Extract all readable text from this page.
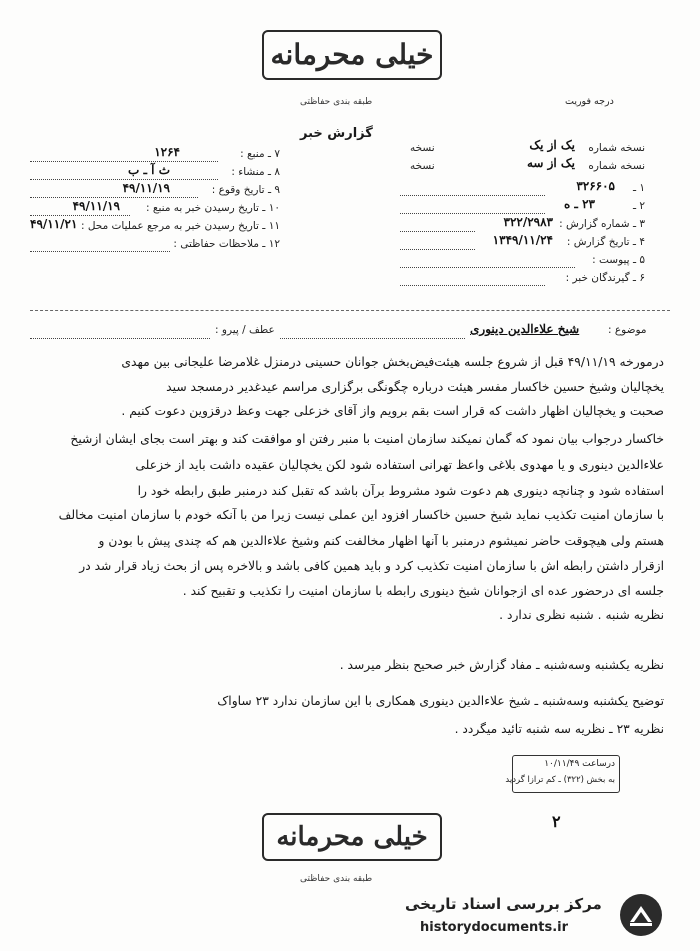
خیلی محرمانه
طبقه بندی حفاظتی	درجه فوریت
گزارش خبر
۷ ـ منبع :
۱۲۶۴
۸ ـ منشاء :
ث آ ـ ب
۹ ـ تاریخ وقوع :
۴۹/۱۱/۱۹
۱۰ ـ تاریخ رسیدن خبر به منبع :
۴۹/۱۱/۱۹
۱۱ ـ تاریخ رسیدن خبر به مرجع عملیات محل :
۴۹/۱۱/۲۱
۱۲ ـ ملاحظات حفاظتی :
نسخه شماره
یک از یک
نسخه
نسخه شماره
یک از سه
نسخه
۱ ـ
۳۲۶۶۰۵
۲ ـ
۲۳ ـ ه
۳ ـ شماره گزارش :
۳۲۲/۲۹۸۳
۴ ـ تاریخ گزارش :
۱۳۴۹/۱۱/۲۴
۵ ـ پیوست :
۶ ـ گیرندگان خبر :
موضوع :
شیخ علاءالدین دینوری
عطف / پیرو :
درمورخه ۴۹/۱۱/۱۹ قبل از شروع جلسه هیئت‌فیض‌بخش جوانان حسینی درمنزل غلامرضا علیجانی بین مهدی
یخچالیان وشیخ حسین خاکسار مفسر هیئت درباره چگونگی برگزاری مراسم عیدغدیر درمسجد سید
صحبت و یخچالیان اظهار داشت که قرار است بقم برویم واز آقای خزعلی جهت وعظ درقزوین دعوت کنیم .
خاکسار درجواب بیان نمود که گمان نمیکند سازمان امنیت با منبر رفتن او موافقت کند و بهتر است بجای ایشان ازشیخ
علاءالدین دینوری و یا مهدوی بلاغی واعظ تهرانی استفاده شود لکن یخچالیان عقیده داشت باید از خزعلی
استفاده شود و چنانچه دینوری هم دعوت شود مشروط برآن باشد که تقبل کند درمنبر طبق رابطه خود را
با سازمان امنیت تکذیب نماید شیخ حسین خاکسار افزود این عملی نیست زیرا من با آنکه خودم با سازمان امنیت مخالف
هستم ولی هیچوقت حاضر نمیشوم درمنبر با آنها اظهار مخالفت کنم وشیخ علاءالدین هم که چندی پیش با بودن و
ازقرار داشتن رابطه اش با سازمان امنیت تکذیب کرد و باید همین کافی باشد و بالاخره پس از بحث زیاد قرار شد در
جلسه ای درحضور عده ای ازجوانان شیخ دینوری رابطه با سازمان امنیت را تکذیب و تقبیح کند .
نظریه شنبه . شنبه نظری ندارد .
نظریه یکشنبه وسه‌شنبه ـ مفاد گزارش خبر صحیح بنظر میرسد .
توضیح یکشنبه وسه‌شنبه ـ شیخ علاءالدین دینوری همکاری با این سازمان ندارد ۲۳ ساواک
نظریه ۲۳ ـ نظریه سه شنبه تائید میگردد .
درساعت ۱۰/۱۱/۴۹
به بخش (۳۲۲) ـ کم ترازا گردید
۲
خیلی محرمانه
طبقه بندی حفاظتی
مرکز بررسی اسناد تاریخی
historydocuments.ir
